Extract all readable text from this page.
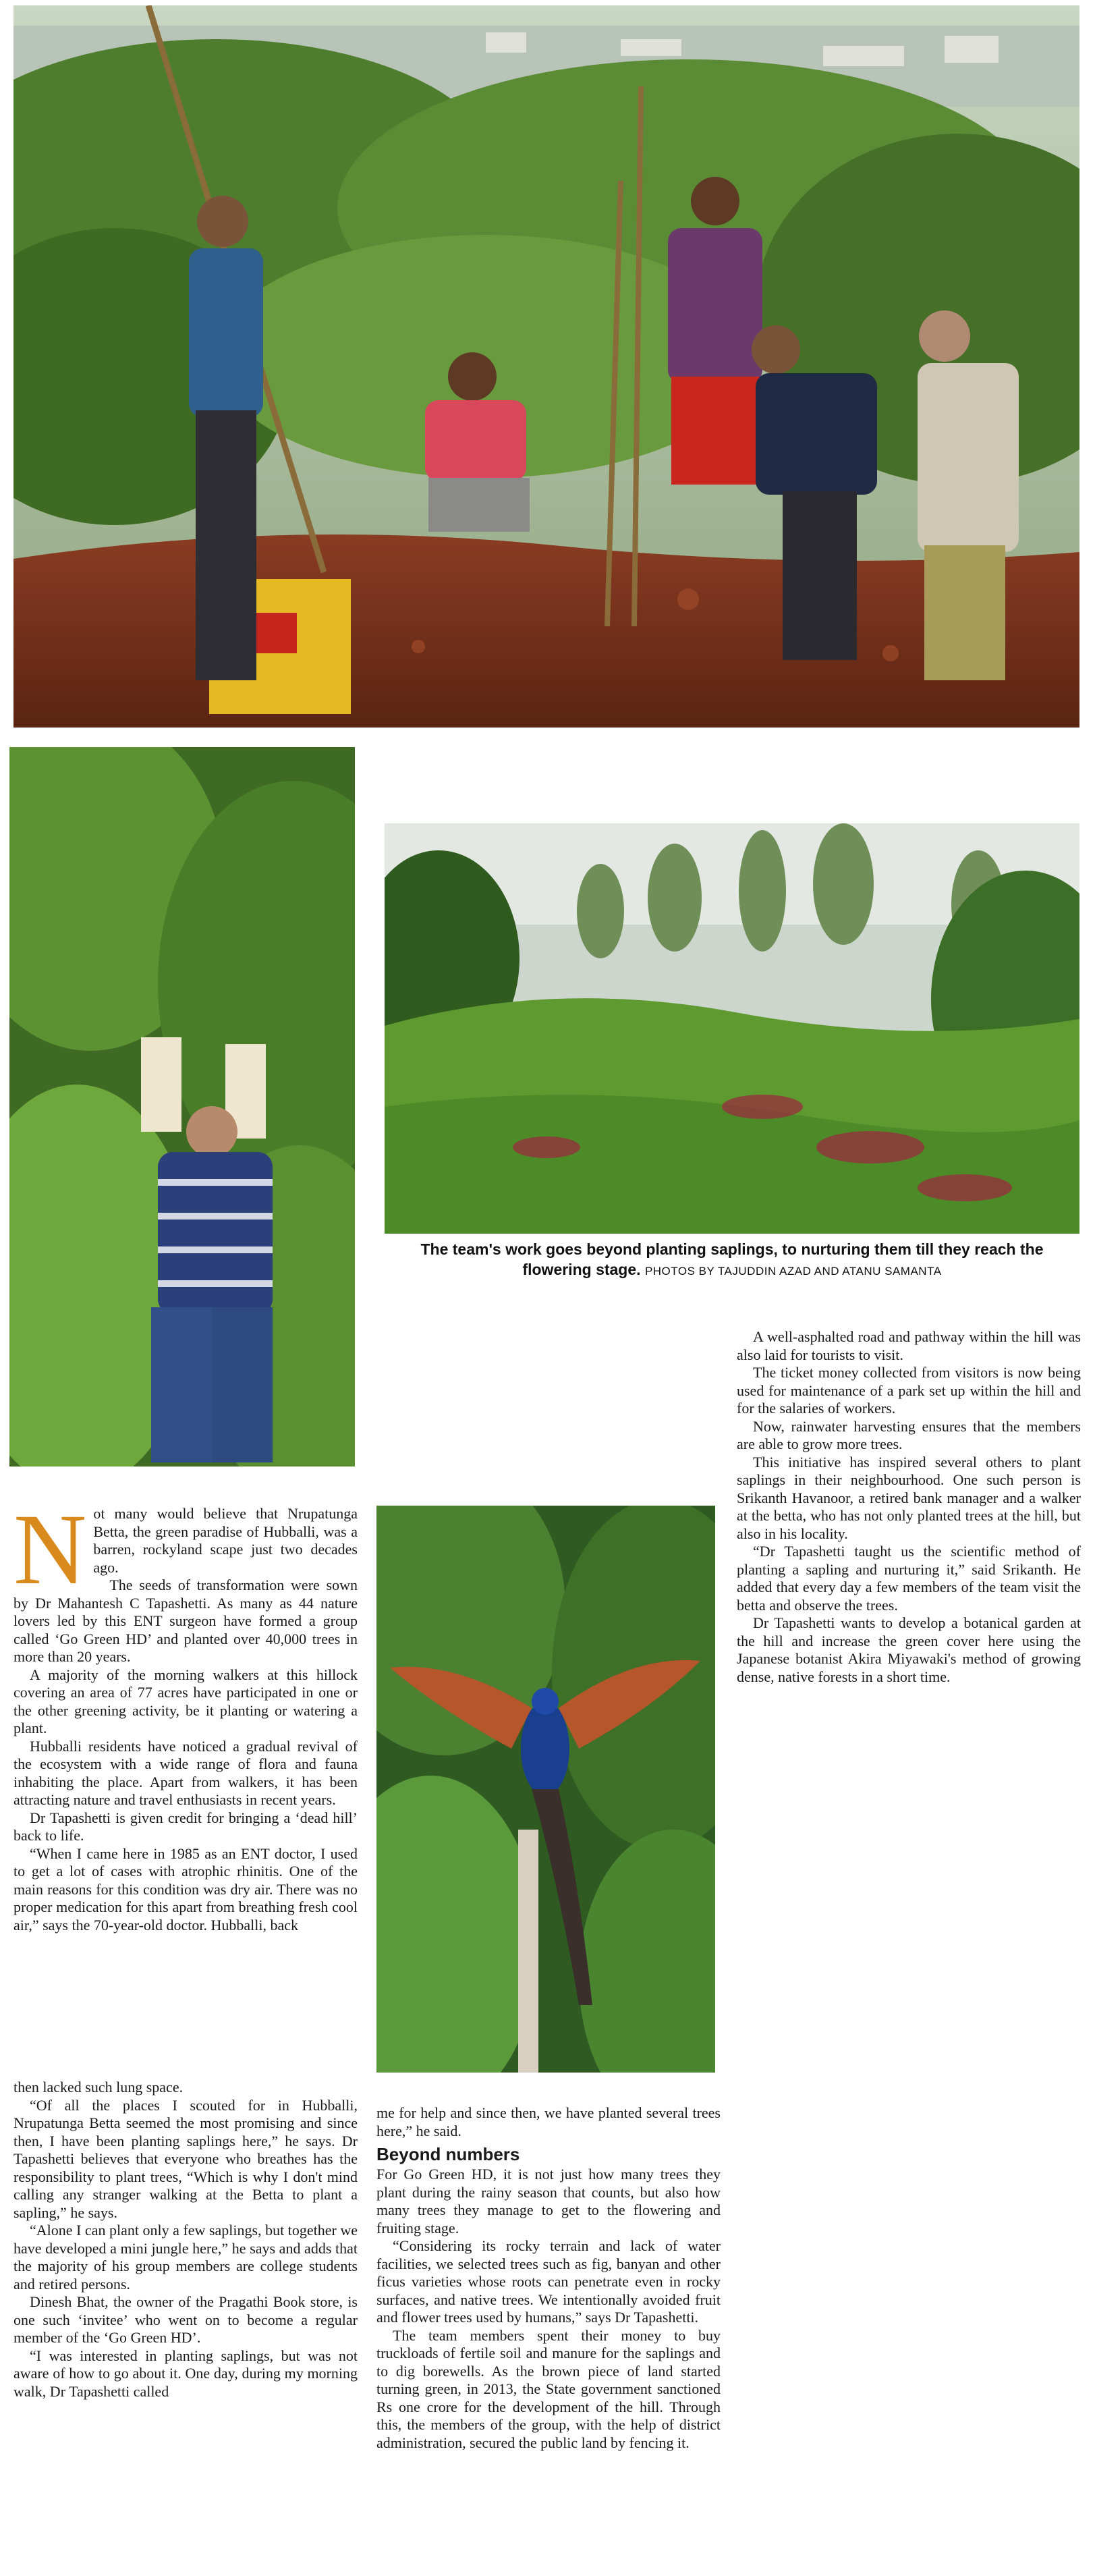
The team's work goes beyond planting saplings, to nurturing them till they reach the flowering stage. PHOTOS BY TAJUDDIN AZAD AND ATANU SAMANTA

N ot many would believe that Nrupatunga Betta, the green paradise of Hubballi, was a barren, rockyland scape just two decades ago.

The seeds of transformation were sown by Dr Mahantesh C Tapashetti. As many as 44 nature lovers led by this ENT surgeon have formed a group called ‘Go Green HD’ and planted over 40,000 trees in more than 20 years.

A majority of the morning walkers at this hillock covering an area of 77 acres have participated in one or the other greening activity, be it planting or watering a plant.

Hubballi residents have noticed a gradual revival of the ecosystem with a wide range of flora and fauna inhabiting the place. Apart from walkers, it has been attracting nature and travel enthusiasts in recent years.

Dr Tapashetti is given credit for bringing a ‘dead hill’ back to life.

“When I came here in 1985 as an ENT doctor, I used to get a lot of cases with atrophic rhinitis. One of the main reasons for this condition was dry air. There was no proper medication for this apart from breathing fresh cool air,” says the 70-year-old doctor. Hubballi, back

then lacked such lung space.

“Of all the places I scouted for in Hubballi, Nrupatunga Betta seemed the most promising and since then, I have been planting saplings here,” he says. Dr Tapashetti believes that everyone who breathes has the responsibility to plant trees, “Which is why I don't mind calling any stranger walking at the Betta to plant a sapling,” he says.

“Alone I can plant only a few saplings, but together we have developed a mini jungle here,” he says and adds that the majority of his group members are college students and retired persons.

Dinesh Bhat, the owner of the Pragathi Book store, is one such ‘invitee’ who went on to become a regular member of the ‘Go Green HD’.

“I was interested in planting saplings, but was not aware of how to go about it. One day, during my morning walk, Dr Tapashetti called

me for help and since then, we have planted several trees here,” he said.

Beyond numbers

For Go Green HD, it is not just how many trees they plant during the rainy season that counts, but also how many trees they manage to get to the flowering and fruiting stage.

“Considering its rocky terrain and lack of water facilities, we selected trees such as fig, banyan and other ficus varieties whose roots can penetrate even in rocky surfaces, and native trees. We intentionally avoided fruit and flower trees used by humans,” says Dr Tapashetti.

The team members spent their money to buy truckloads of fertile soil and manure for the saplings and to dig borewells. As the brown piece of land started turning green, in 2013, the State government sanctioned Rs one crore for the development of the hill. Through this, the members of the group, with the help of district administration, secured the public land by fencing it.

A well-asphalted road and pathway within the hill was also laid for tourists to visit.

The ticket money collected from visitors is now being used for maintenance of a park set up within the hill and for the salaries of workers.

Now, rainwater harvesting ensures that the members are able to grow more trees.

This initiative has inspired several others to plant saplings in their neighbourhood. One such person is Srikanth Havanoor, a retired bank manager and a walker at the betta, who has not only planted trees at the hill, but also in his locality.

“Dr Tapashetti taught us the scientific method of planting a sapling and nurturing it,” said Srikanth. He added that every day a few members of the team visit the betta and observe the trees.

Dr Tapashetti wants to develop a botanical garden at the hill and increase the green cover here using the Japanese botanist Akira Miyawaki's method of growing dense, native forests in a short time.
